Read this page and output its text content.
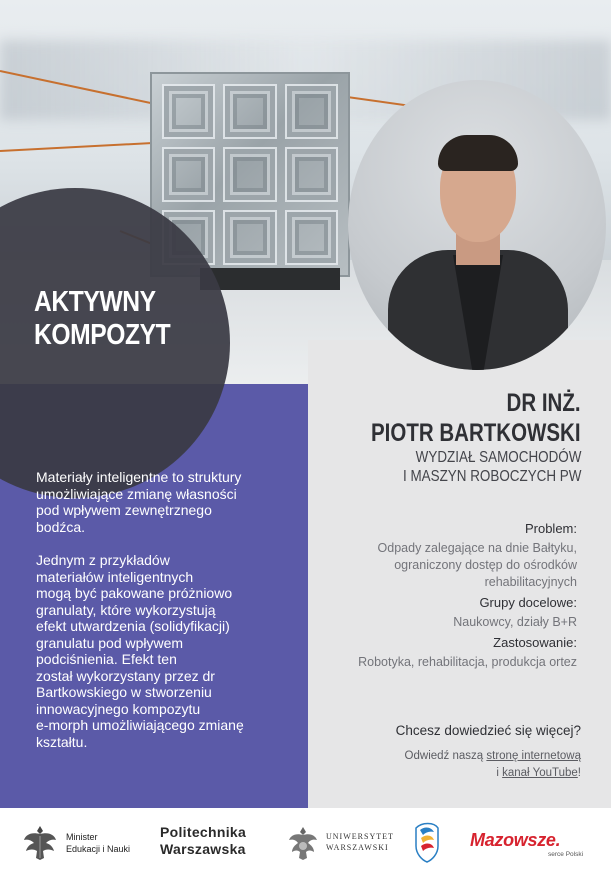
AKTYWNY
KOMPOZYT
DR INŻ.
PIOTR BARTKOWSKI
WYDZIAŁ SAMOCHODÓW
I MASZYN ROBOCZYCH PW
Problem:
Odpady zalegające na dnie Bałtyku,
ograniczony dostęp do ośrodków
rehabilitacyjnych
Grupy docelowe:
Naukowcy, działy B+R
Zastosowanie:
Robotyka, rehabilitacja, produkcja ortez
Chcesz dowiedzieć się więcej?
Odwiedź naszą stronę internetową
i kanał YouTube!

Materiały inteligentne to struktury
umożliwiające zmianę własności
pod wpływem zewnętrznego
bodźca.

Jednym z przykładów
materiałów inteligentnych
mogą być pakowane próżniowo
granulaty, które wykorzystują
efekt utwardzenia (solidyfikacji)
granulatu pod wpływem
podciśnienia. Efekt ten
został wykorzystany przez dr
Bartkowskiego w stworzeniu
innowacyjnego kompozytu
e-morph umożliwiającego zmianę
kształtu.

Minister
Edukacji i Nauki
Politechnika
Warszawska
UNIWERSYTET
WARSZAWSKI	Mazowsze.
serce Polski
